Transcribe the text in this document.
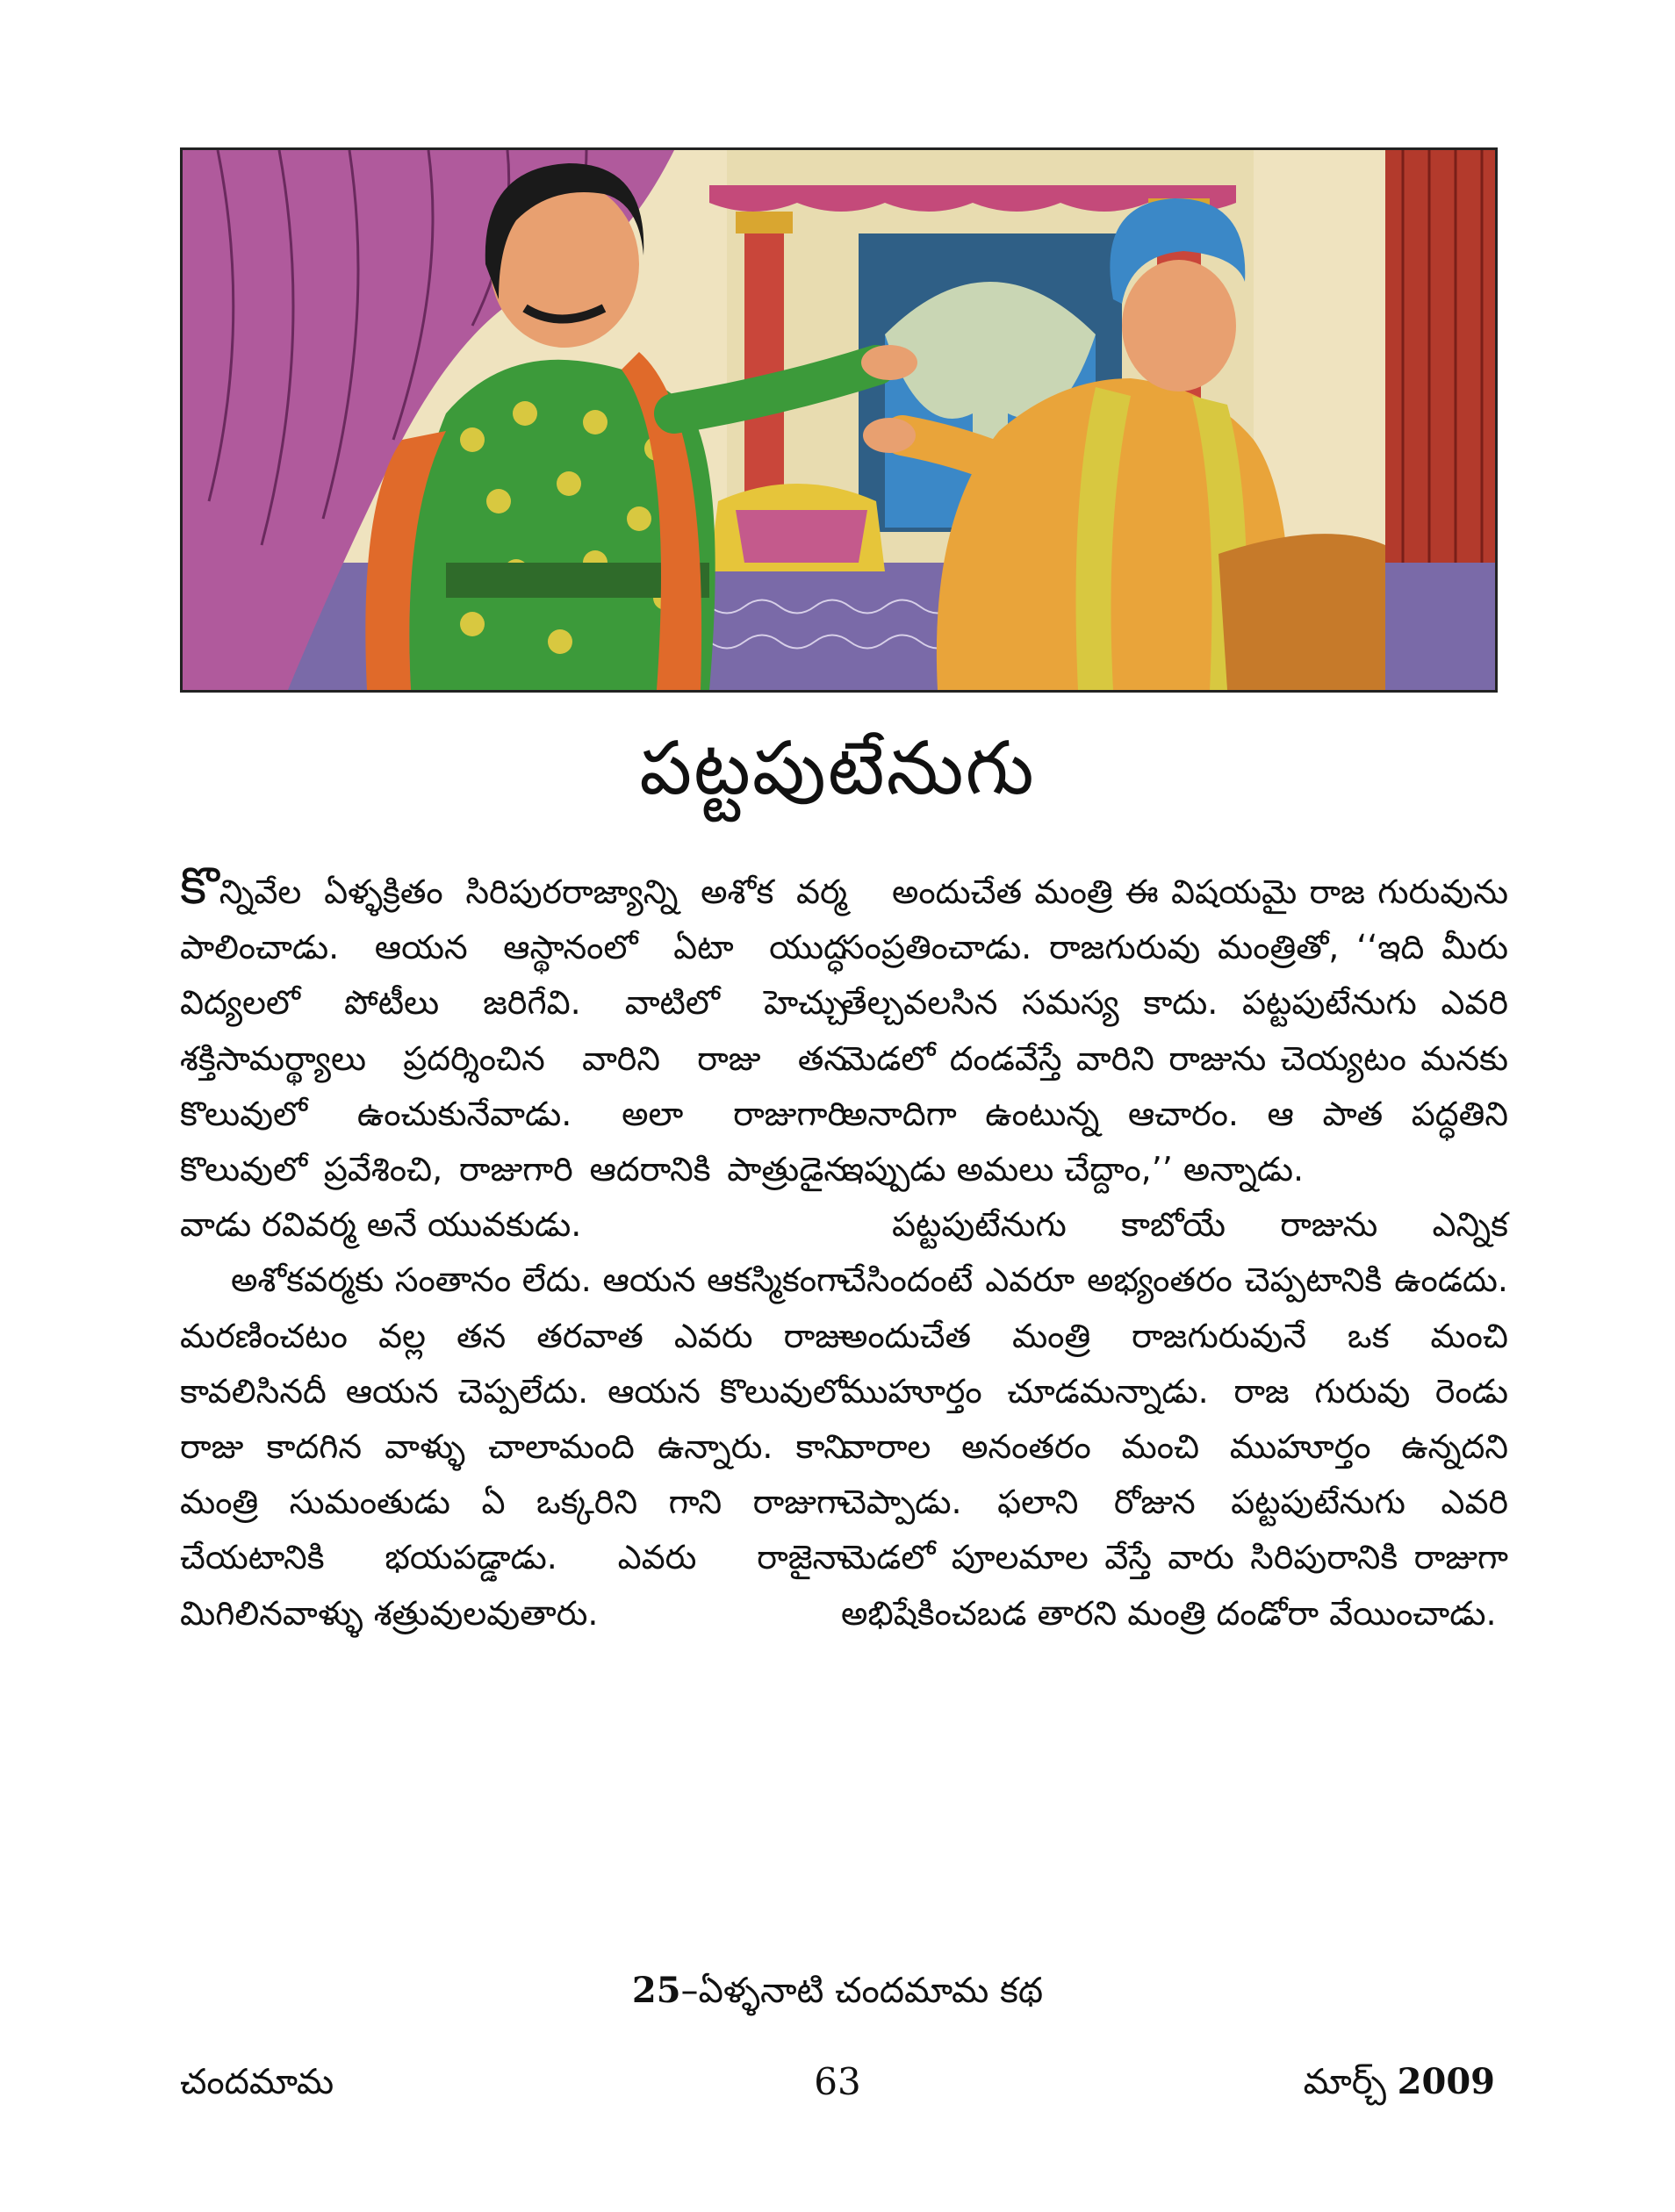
పట్టపుటేనుగు

కొన్నివేల ఏళ్ళక్రితం సిరిపురరాజ్యాన్ని అశోక వర్మ పాలించాడు. ఆయన ఆస్థానంలో ఏటా యుద్ధ విద్యలలో పోటీలు జరిగేవి. వాటిలో హెచ్చు శక్తిసామర్థ్యాలు ప్రదర్శించిన వారిని రాజు తన కొలువులో ఉంచుకునేవాడు. అలా రాజుగారి కొలువులో ప్రవేశించి, రాజుగారి ఆదరానికి పాత్రుడైన వాడు రవివర్మ అనే యువకుడు.

అశోకవర్మకు సంతానం లేదు. ఆయన ఆకస్మికంగా మరణించటం వల్ల తన తరవాత ఎవరు రాజు కావలిసినదీ ఆయన చెప్పలేదు. ఆయన కొలువులో రాజు కాదగిన వాళ్ళు చాలామంది ఉన్నారు. కాని మంత్రి సుమంతుడు ఏ ఒక్కరిని గాని రాజుగా చేయటానికి భయపడ్డాడు. ఎవరు రాజైనా మిగిలినవాళ్ళు శత్రువులవుతారు.

అందుచేత మంత్రి ఈ విషయమై రాజ గురువును సంప్రతించాడు. రాజగురువు మంత్రితో, ‘‘ఇది మీరు తేల్చవలసిన సమస్య కాదు. పట్టపుటేనుగు ఎవరి మెడలో దండవేస్తే వారిని రాజును చెయ్యటం మనకు అనాదిగా ఉంటున్న ఆచారం. ఆ పాత పద్ధతిని ఇప్పుడు అమలు చేద్దాం,’’ అన్నాడు.

పట్టపుటేనుగు కాబోయే రాజును ఎన్నిక చేసిందంటే ఎవరూ అభ్యంతరం చెప్పటానికి ఉండదు. అందుచేత మంత్రి రాజగురువునే ఒక మంచి ముహూర్తం చూడమన్నాడు. రాజ గురువు రెండు వారాల అనంతరం మంచి ముహూర్తం ఉన్నదని చెప్పాడు. ఫలాని రోజున పట్టపుటేనుగు ఎవరి మెడలో పూలమాల వేస్తే వారు సిరిపురానికి రాజుగా అభిషేకించబడ తారని మంత్రి దండోరా వేయించాడు.

25–ఏళ్ళనాటి చందమామ కథ
చందమామ	63	మార్చ్ 2009
